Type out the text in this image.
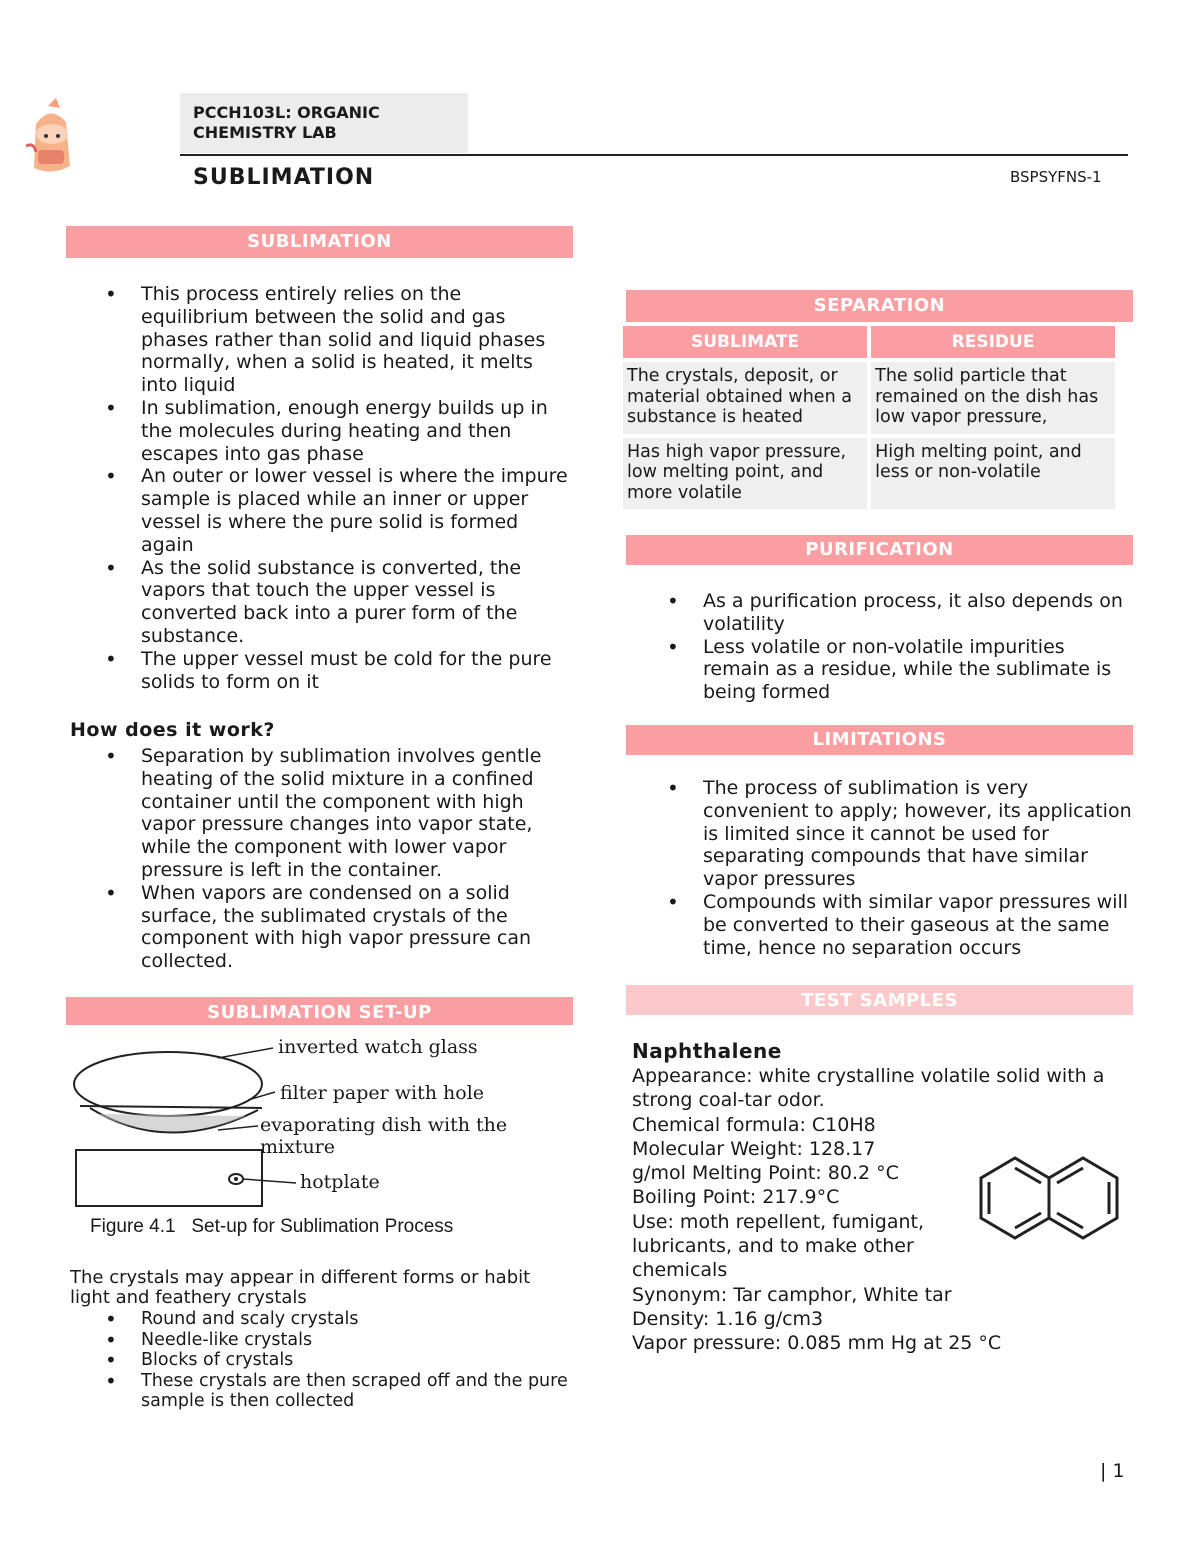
PCCH103L: ORGANIC CHEMISTRY LAB
SUBLIMATION	BSPSYFNS-1
SUBLIMATION
• This process entirely relies on the equilibrium between the solid and gas phases rather than solid and liquid phases normally, when a solid is heated, it melts into liquid
• In sublimation, enough energy builds up in the molecules during heating and then escapes into gas phase
• An outer or lower vessel is where the impure sample is placed while an inner or upper vessel is where the pure solid is formed again
• As the solid substance is converted, the vapors that touch the upper vessel is converted back into a purer form of the substance.
• The upper vessel must be cold for the pure solids to form on it
How does it work?
• Separation by sublimation involves gentle heating of the solid mixture in a confined container until the component with high vapor pressure changes into vapor state, while the component with lower vapor pressure is left in the container.
• When vapors are condensed on a solid surface, the sublimated crystals of the component with high vapor pressure can collected.
SUBLIMATION SET-UP
inverted watch glass
filter paper with hole
evaporating dish with the mixture
hotplate
Figure 4.1   Set-up for Sublimation Process
The crystals may appear in different forms or habit light and feathery crystals
• Round and scaly crystals
• Needle-like crystals
• Blocks of crystals
• These crystals are then scraped off and the pure sample is then collected
SEPARATION
SUBLIMATE	RESIDUE
The crystals, deposit, or material obtained when a substance is heated	The solid particle that remained on the dish has low vapor pressure,
Has high vapor pressure, low melting point, and more volatile	High melting point, and less or non-volatile
PURIFICATION
• As a purification process, it also depends on volatility
• Less volatile or non-volatile impurities remain as a residue, while the sublimate is being formed
LIMITATIONS
• The process of sublimation is very convenient to apply; however, its application is limited since it cannot be used for separating compounds that have similar vapor pressures
• Compounds with similar vapor pressures will be converted to their gaseous at the same time, hence no separation occurs
TEST SAMPLES
Naphthalene
Appearance: white crystalline volatile solid with a strong coal-tar odor.
Chemical formula: C10H8
Molecular Weight: 128.17
g/mol Melting Point: 80.2 °C
Boiling Point: 217.9°C
Use: moth repellent, fumigant, lubricants, and to make other chemicals
Synonym: Tar camphor, White tar
Density: 1.16 g/cm3
Vapor pressure: 0.085 mm Hg at 25 °C
| 1
